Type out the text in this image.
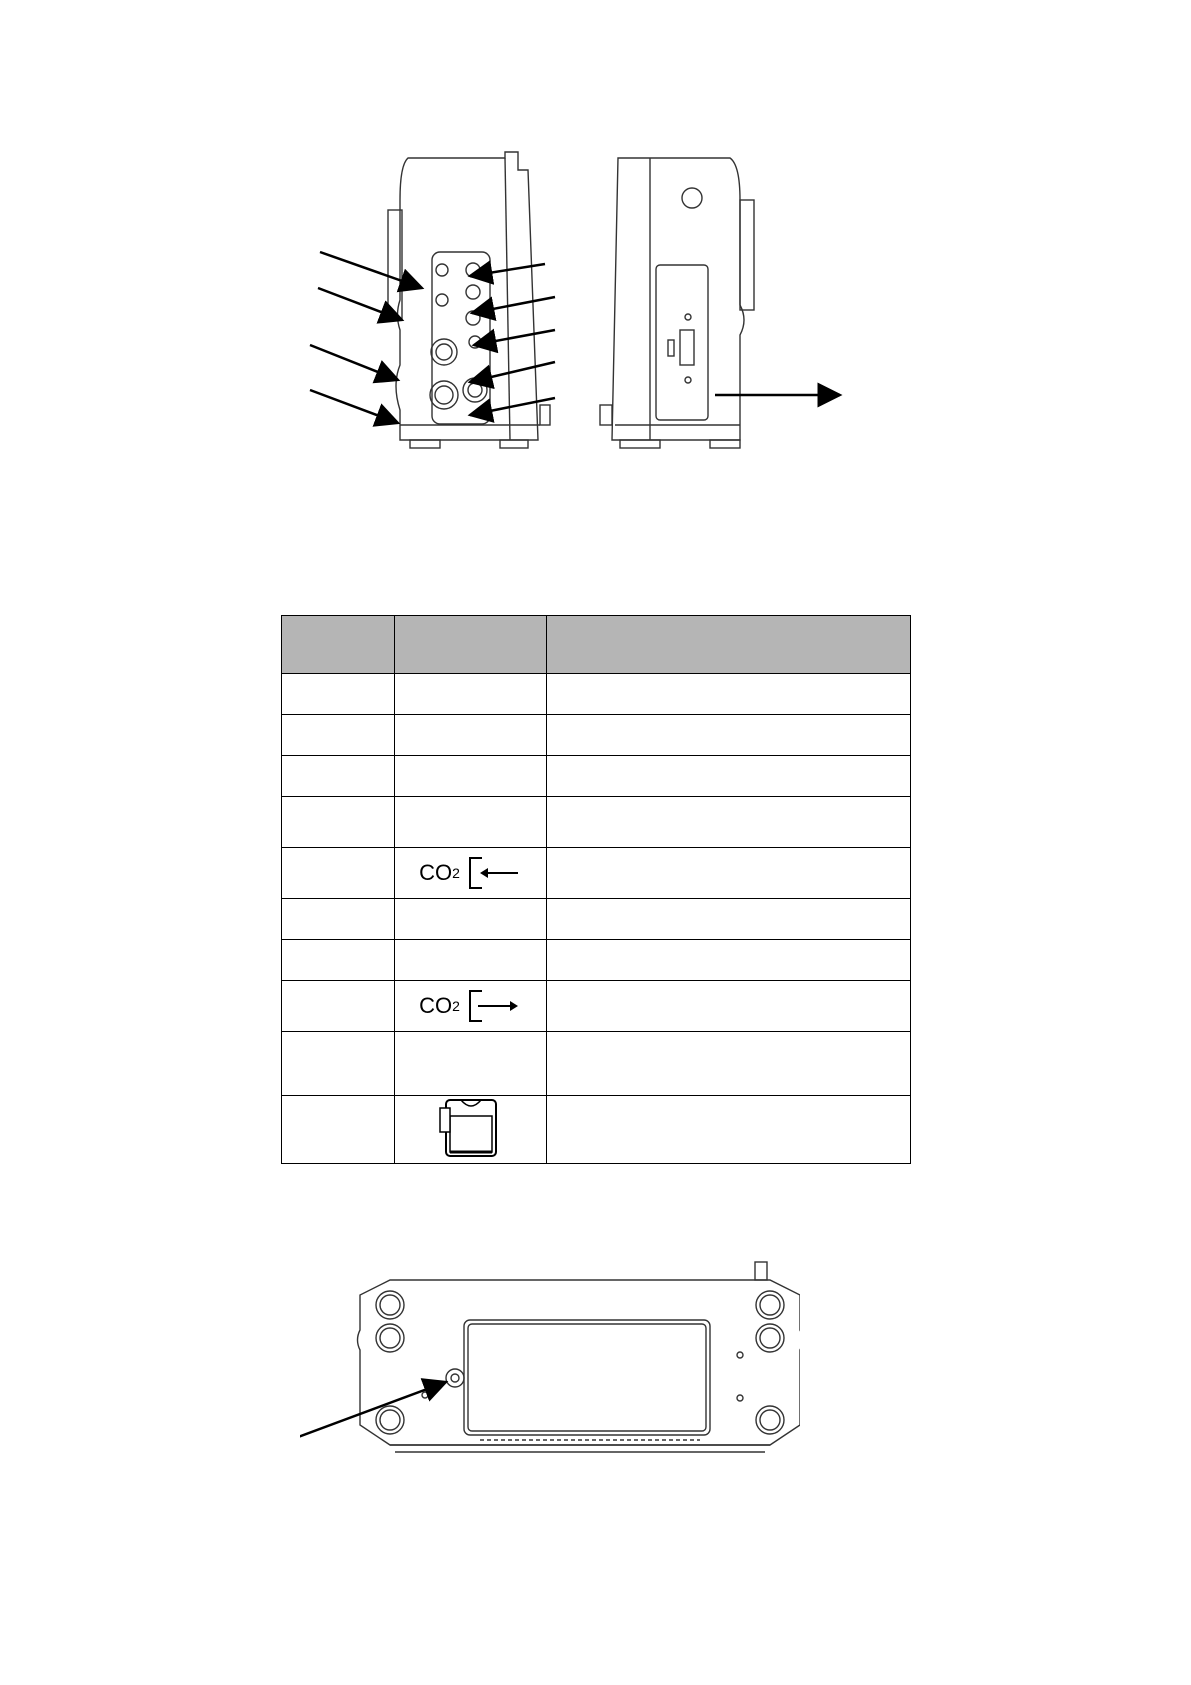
	CO 2	

	CO 2	
